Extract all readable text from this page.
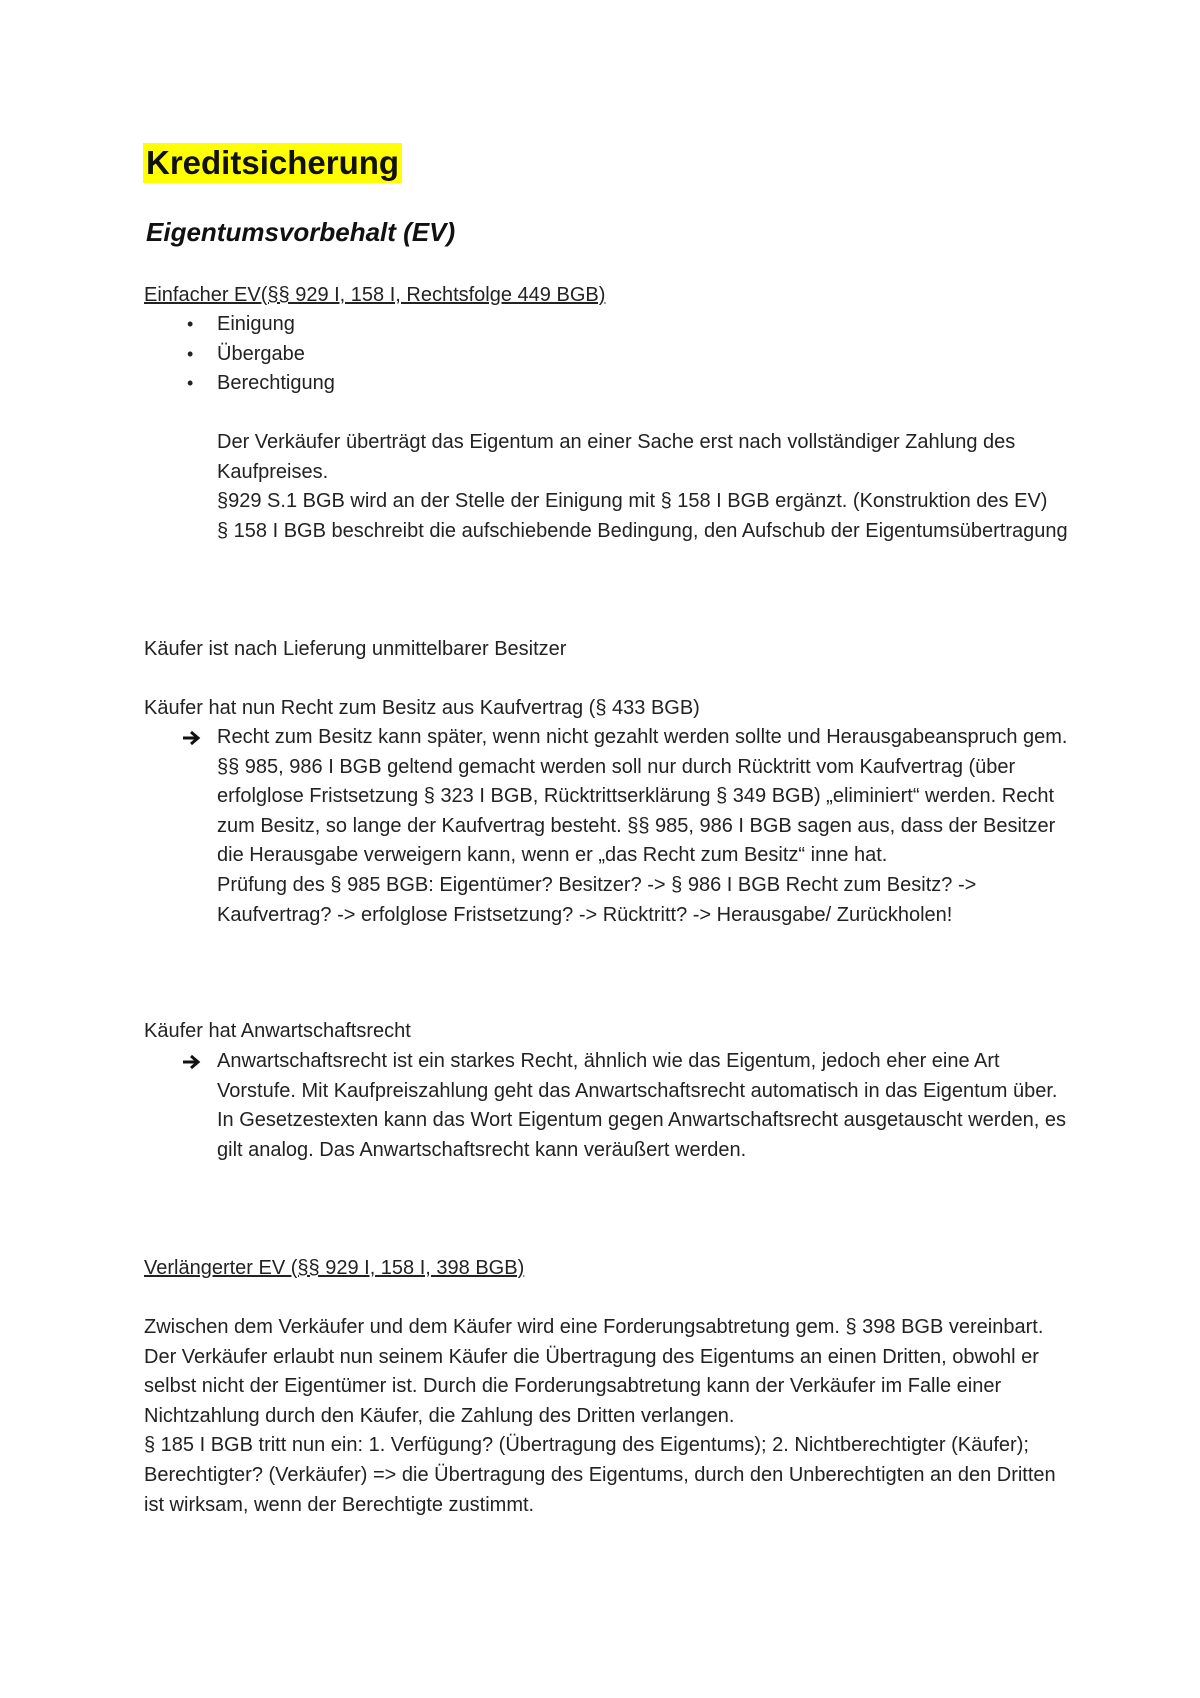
Kreditsicherung
Eigentumsvorbehalt (EV)
Einfacher EV(§§ 929 I, 158 I, Rechtsfolge 449 BGB)
• Einigung
• Übergabe
• Berechtigung
Der Verkäufer überträgt das Eigentum an einer Sache erst nach vollständiger Zahlung des Kaufpreises.
§929 S.1 BGB wird an der Stelle der Einigung mit § 158 I BGB ergänzt. (Konstruktion des EV)
§ 158 I BGB beschreibt die aufschiebende Bedingung, den Aufschub der Eigentumsübertragung
Käufer ist nach Lieferung unmittelbarer Besitzer
Käufer hat nun Recht zum Besitz aus Kaufvertrag (§ 433 BGB)
Recht zum Besitz kann später, wenn nicht gezahlt werden sollte und Herausgabeanspruch gem. §§ 985, 986 I BGB geltend gemacht werden soll nur durch Rücktritt vom Kaufvertrag (über erfolglose Fristsetzung § 323 I BGB, Rücktrittserklärung § 349 BGB) „eliminiert“ werden. Recht zum Besitz, so lange der Kaufvertrag besteht. §§ 985, 986 I BGB sagen aus, dass der Besitzer die Herausgabe verweigern kann, wenn er „das Recht zum Besitz“ inne hat.
Prüfung des § 985 BGB: Eigentümer? Besitzer? -> § 986 I BGB Recht zum Besitz? -> Kaufvertrag? -> erfolglose Fristsetzung? -> Rücktritt? -> Herausgabe/ Zurückholen!
Käufer hat Anwartschaftsrecht
Anwartschaftsrecht ist ein starkes Recht, ähnlich wie das Eigentum, jedoch eher eine Art Vorstufe. Mit Kaufpreiszahlung geht das Anwartschaftsrecht automatisch in das Eigentum über. In Gesetzestexten kann das Wort Eigentum gegen Anwartschaftsrecht ausgetauscht werden, es gilt analog. Das Anwartschaftsrecht kann veräußert werden.
Verlängerter EV (§§ 929 I, 158 I, 398 BGB)
Zwischen dem Verkäufer und dem Käufer wird eine Forderungsabtretung gem. § 398 BGB vereinbart. Der Verkäufer erlaubt nun seinem Käufer die Übertragung des Eigentums an einen Dritten, obwohl er selbst nicht der Eigentümer ist. Durch die Forderungsabtretung kann der Verkäufer im Falle einer Nichtzahlung durch den Käufer, die Zahlung des Dritten verlangen.
§ 185 I BGB tritt nun ein: 1. Verfügung? (Übertragung des Eigentums); 2. Nichtberechtigter (Käufer); Berechtigter? (Verkäufer) => die Übertragung des Eigentums, durch den Unberechtigten an den Dritten ist wirksam, wenn der Berechtigte zustimmt.
